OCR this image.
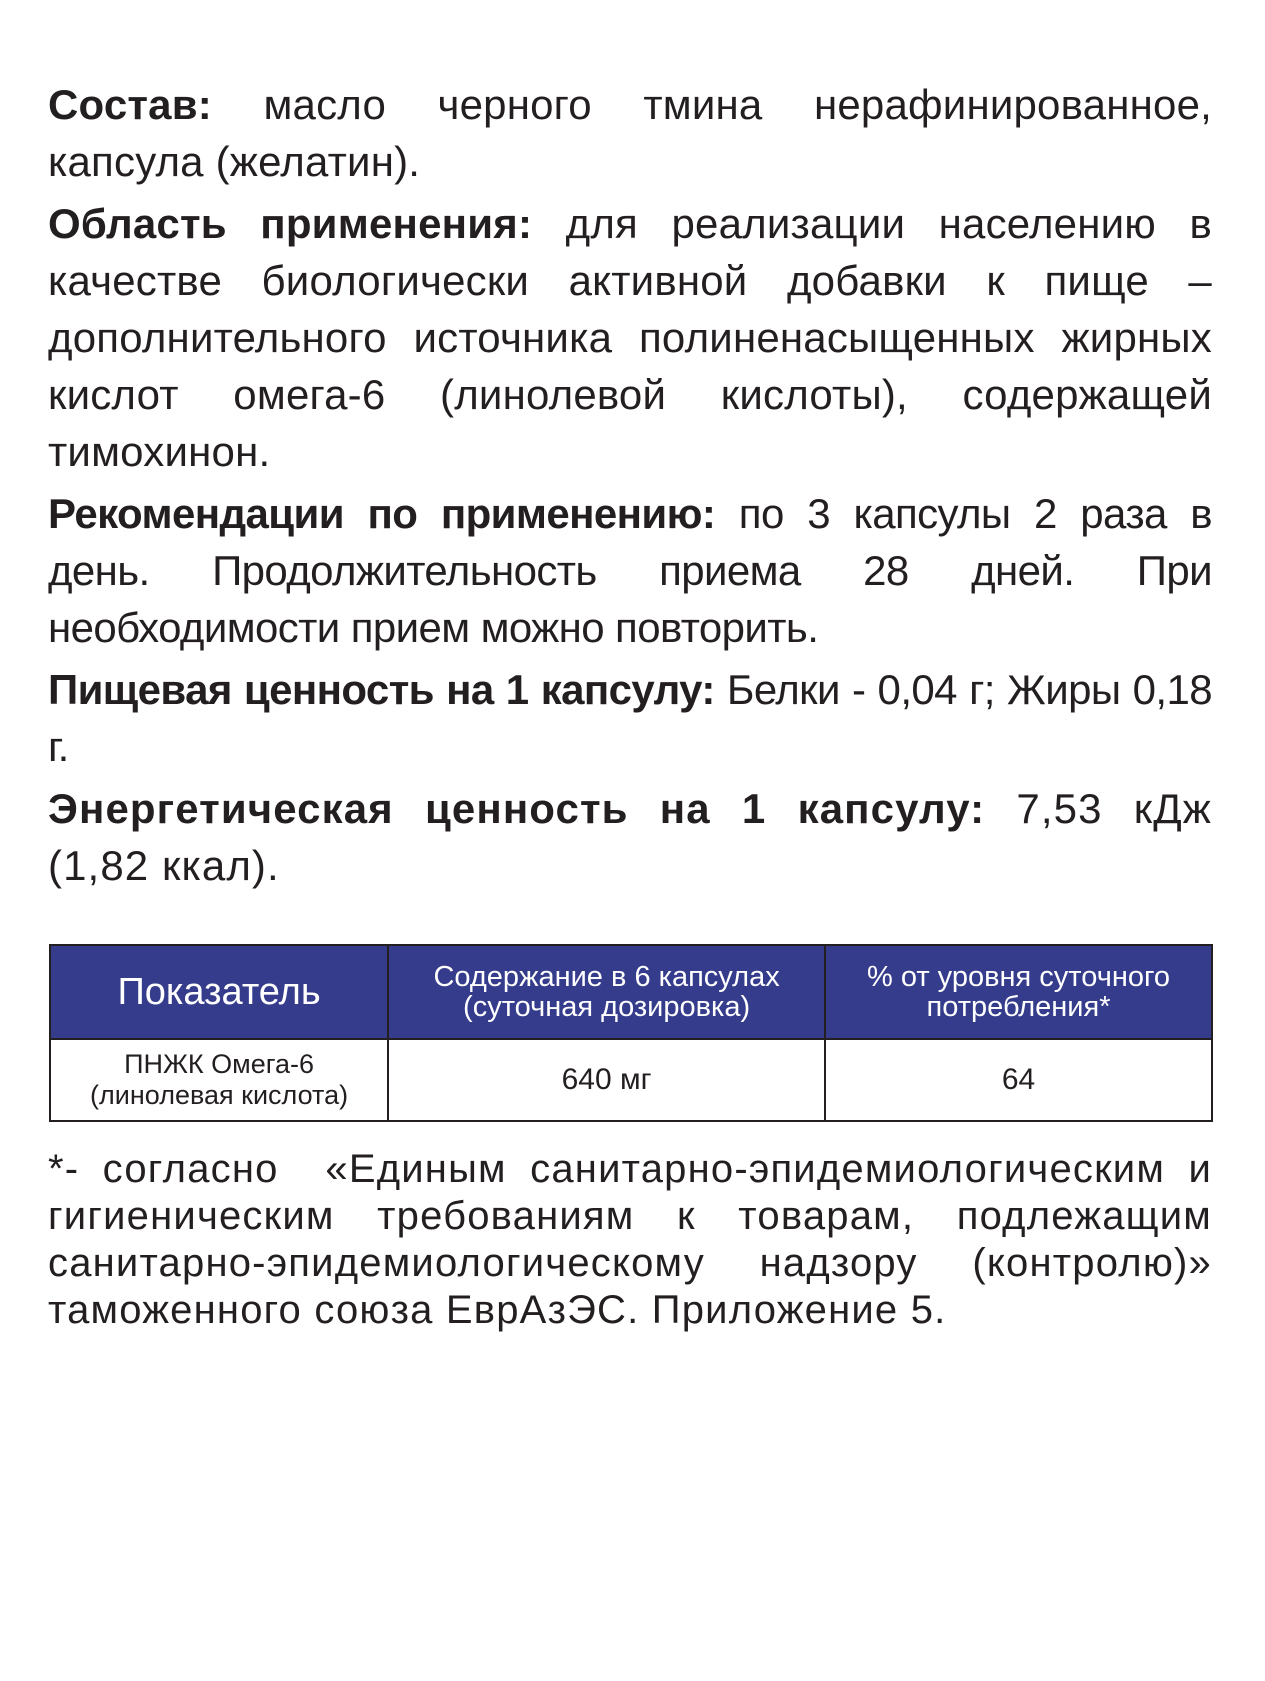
Состав: масло черного тмина нерафинированное, капсула (желатин).

Область применения: для реализации населению в качестве биологически активной добавки к пище – дополнительного источника полиненасыщенных жирных кислот омега-6 (линолевой кислоты), содержащей тимохинон.

Рекомендации по применению: по 3 капсулы 2 раза в день. Продолжительность приема 28 дней. При необходимости прием можно повторить.

Пищевая ценность на 1 капсулу: Белки - 0,04 г; Жиры 0,18 г.

Энергетическая ценность на 1 капсулу: 7,53 кДж (1,82 ккал).

Показатель	Содержание в 6 капсулах (суточная дозировка)	% от уровня суточного потребления*
ПНЖК Омега-6 (линолевая кислота)	640 мг	64
*- согласно  «Единым санитарно-эпидемиологическим и гигиеническим требованиям к товарам, подлежащим санитарно-эпидемиологическому надзору (контролю)» таможенного союза ЕврАзЭС. Приложение 5.
